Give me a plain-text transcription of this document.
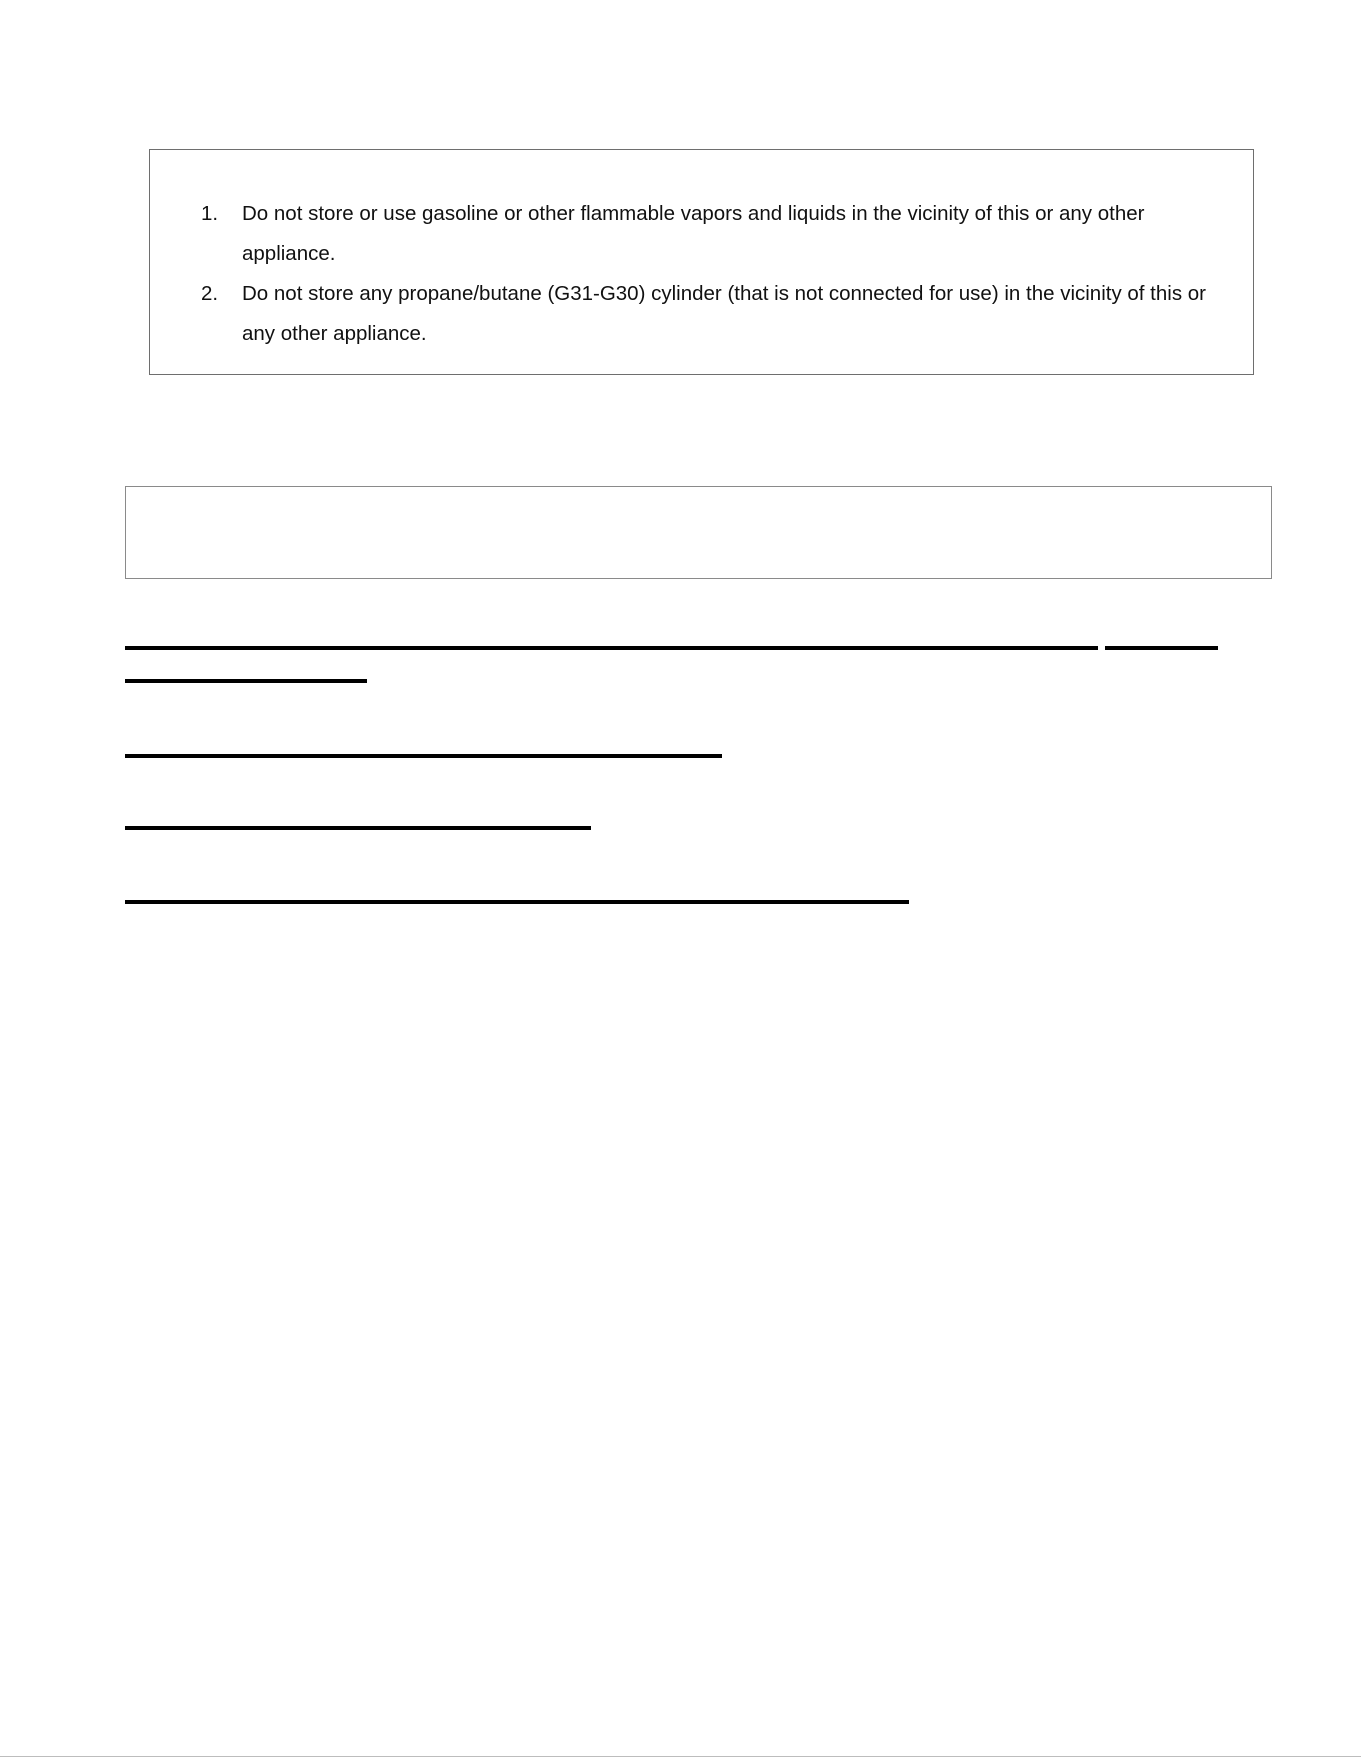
1. Do not store or use gasoline or other flammable vapors and liquids in the vicinity of this or any other appliance.
2. Do not store any propane/butane (G31-G30) cylinder (that is not connected for use) in the vicinity of this or any other appliance.
